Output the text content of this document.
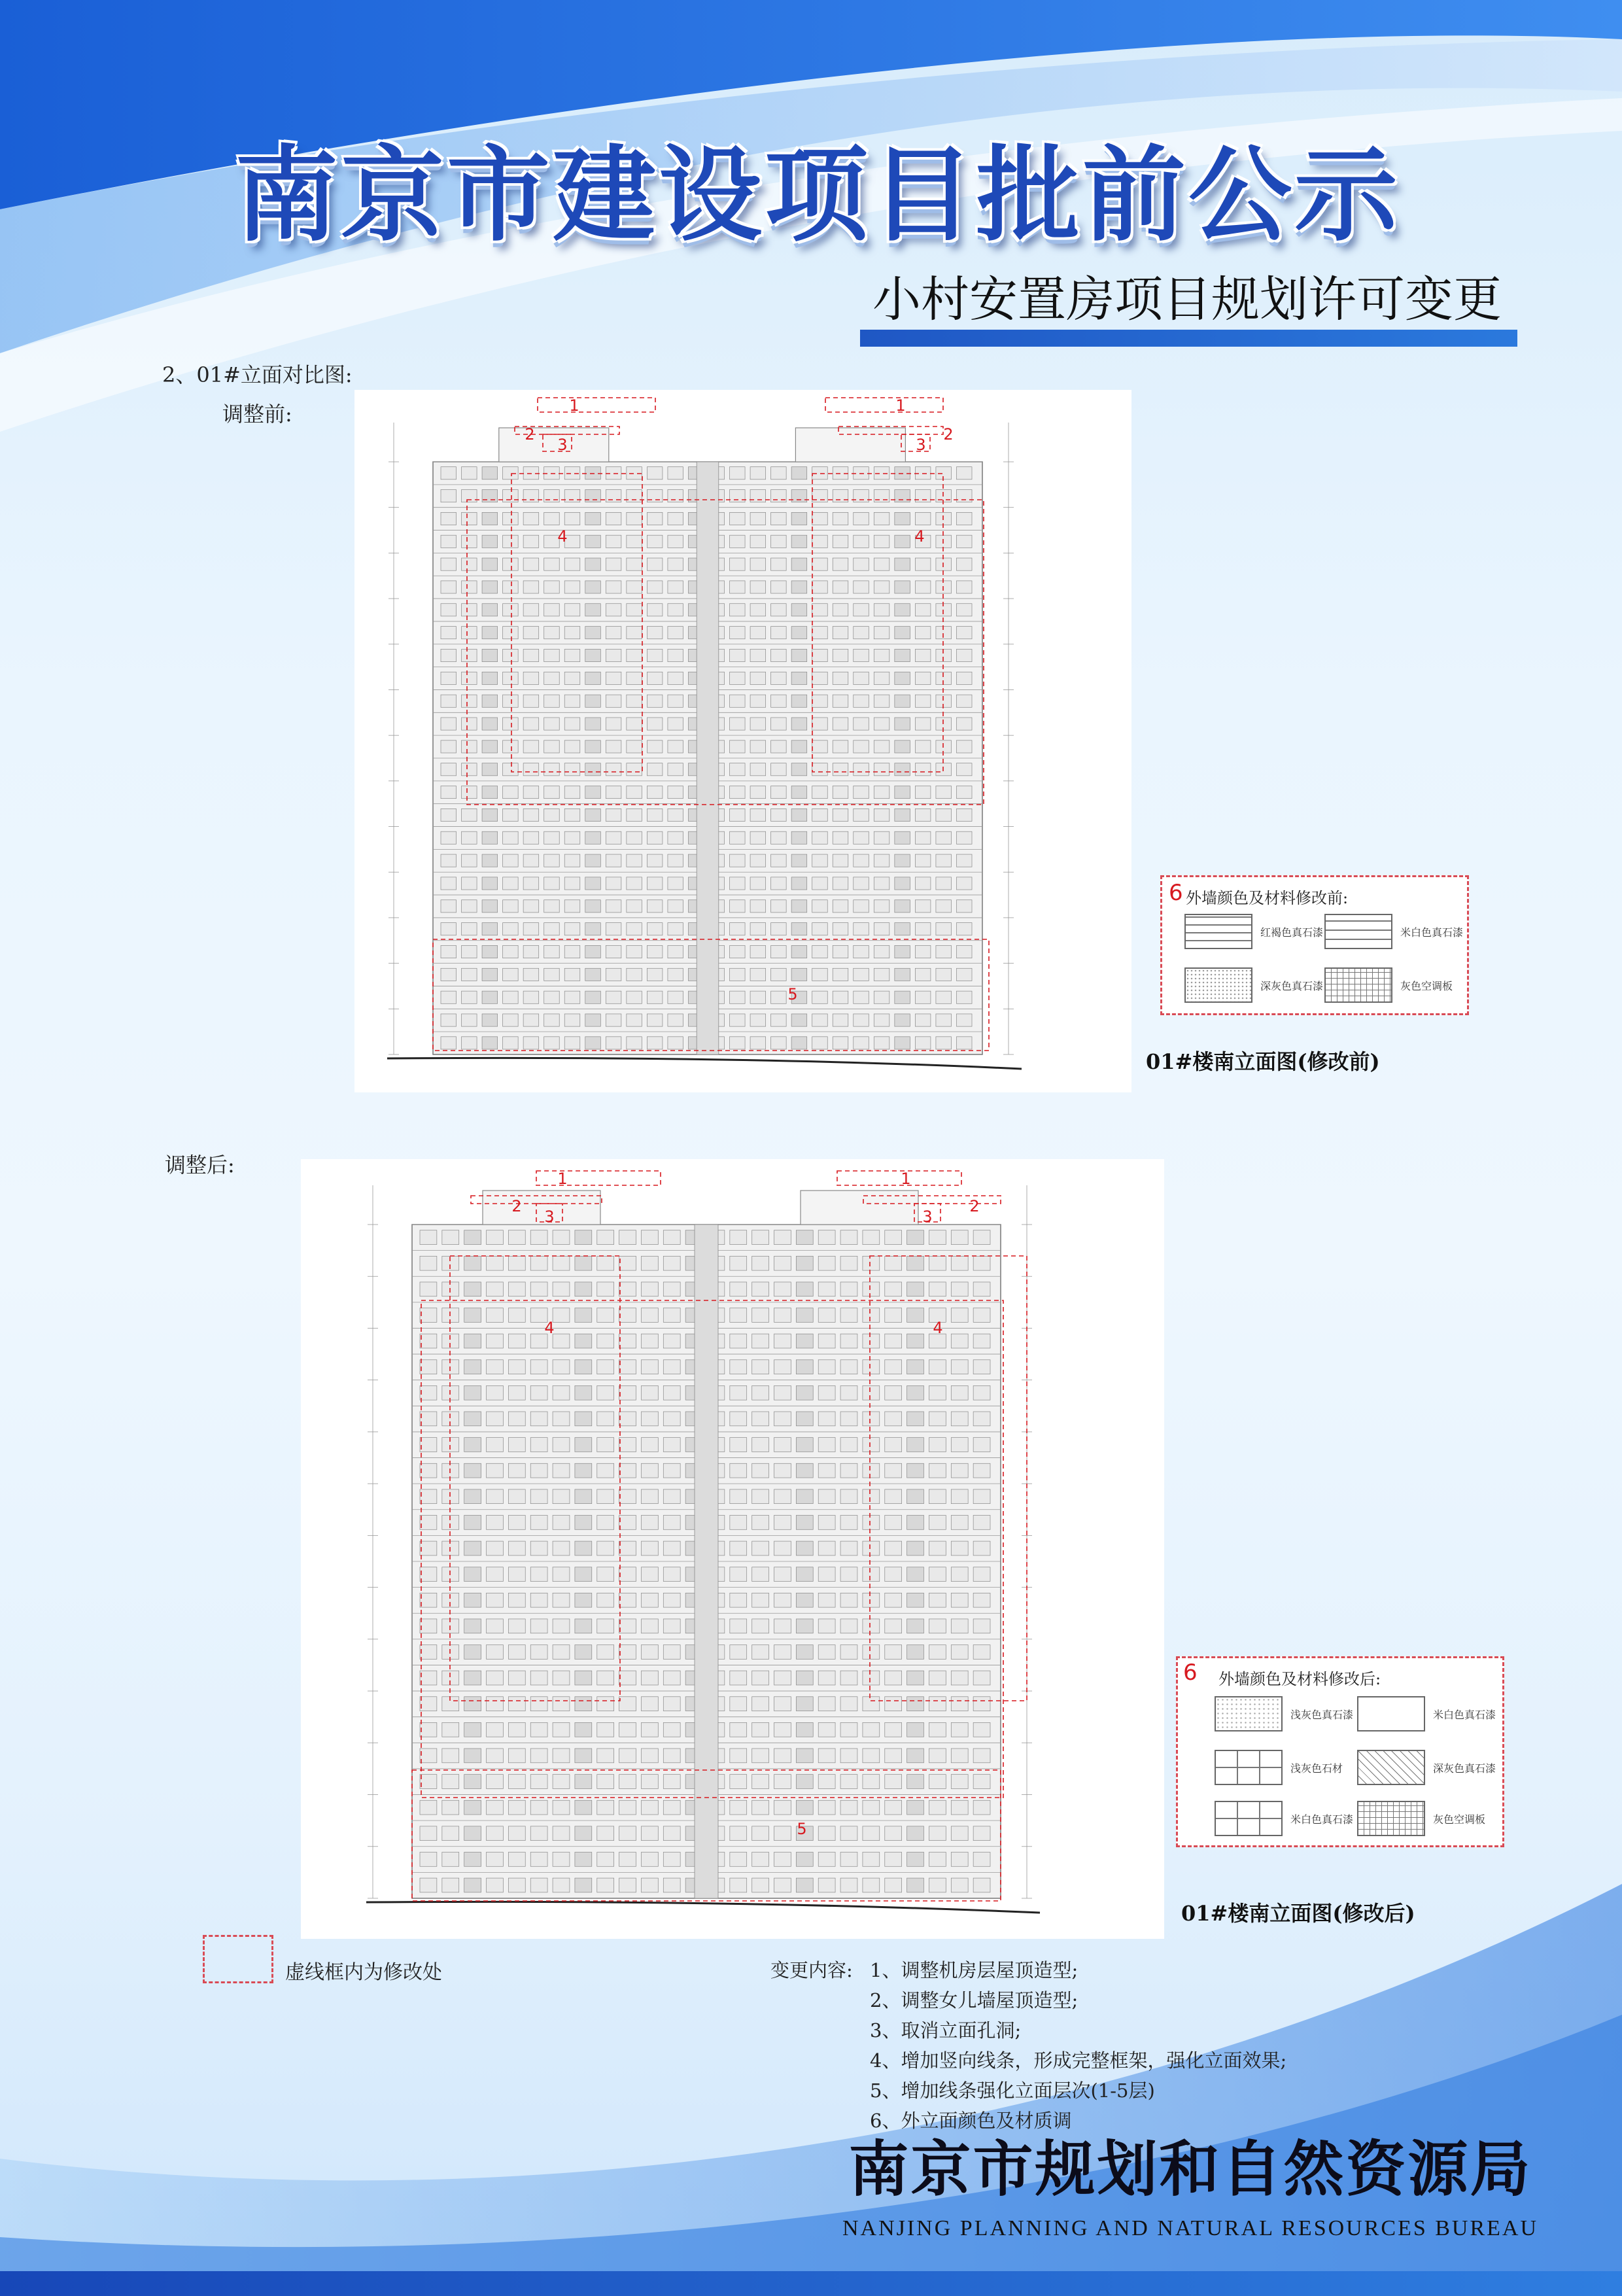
南京市建设项目批前公示
小村安置房项目规划许可变更
2、01#立面对比图:
调整前:
调整后:
1	1
2	2
3	3
4	4
5
6 外墙颜色及材料修改前:
红褐色真石漆	米白色真石漆
深灰色真石漆	灰色空调板
01#楼南立面图(修改前)
1	1
2	2
3	3
4	4
5
6 外墙颜色及材料修改后:
浅灰色真石漆	米白色真石漆
浅灰色石材	深灰色真石漆
米白色真石漆	灰色空调板
01#楼南立面图(修改后)
虚线框内为修改处	变更内容: 1、调整机房层屋顶造型;
2、调整女儿墙屋顶造型;
3、取消立面孔洞;
4、增加竖向线条，形成完整框架，强化立面效果;
5、增加线条强化立面层次(1-5层)
6、外立面颜色及材质调
南京市规划和自然资源局
NANJING PLANNING AND NATURAL RESOURCES BUREAU
